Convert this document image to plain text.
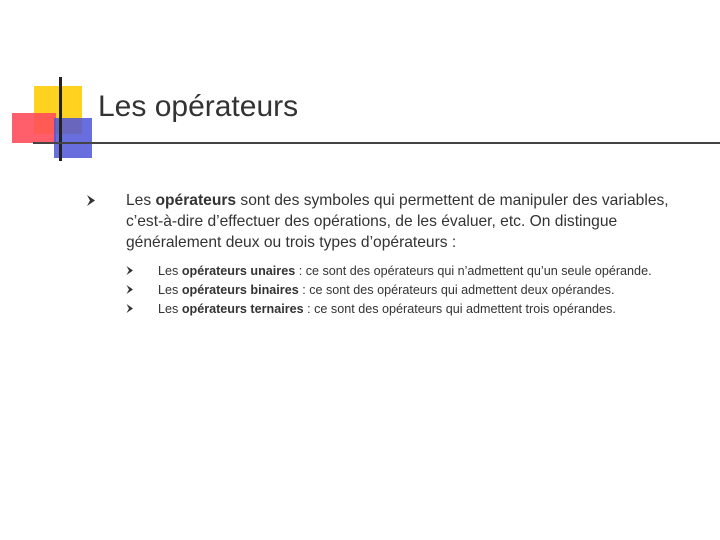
Les opérateurs
Les opérateurs sont des symboles qui permettent de manipuler des variables, c’est-à-dire d’effectuer des opérations, de les évaluer, etc. On distingue généralement deux ou trois types d’opérateurs :
Les opérateurs unaires : ce sont des opérateurs qui n’admettent qu’un seule opérande.
Les opérateurs binaires : ce sont des opérateurs qui admettent deux opérandes.
Les opérateurs ternaires : ce sont des opérateurs qui admettent trois opérandes.
